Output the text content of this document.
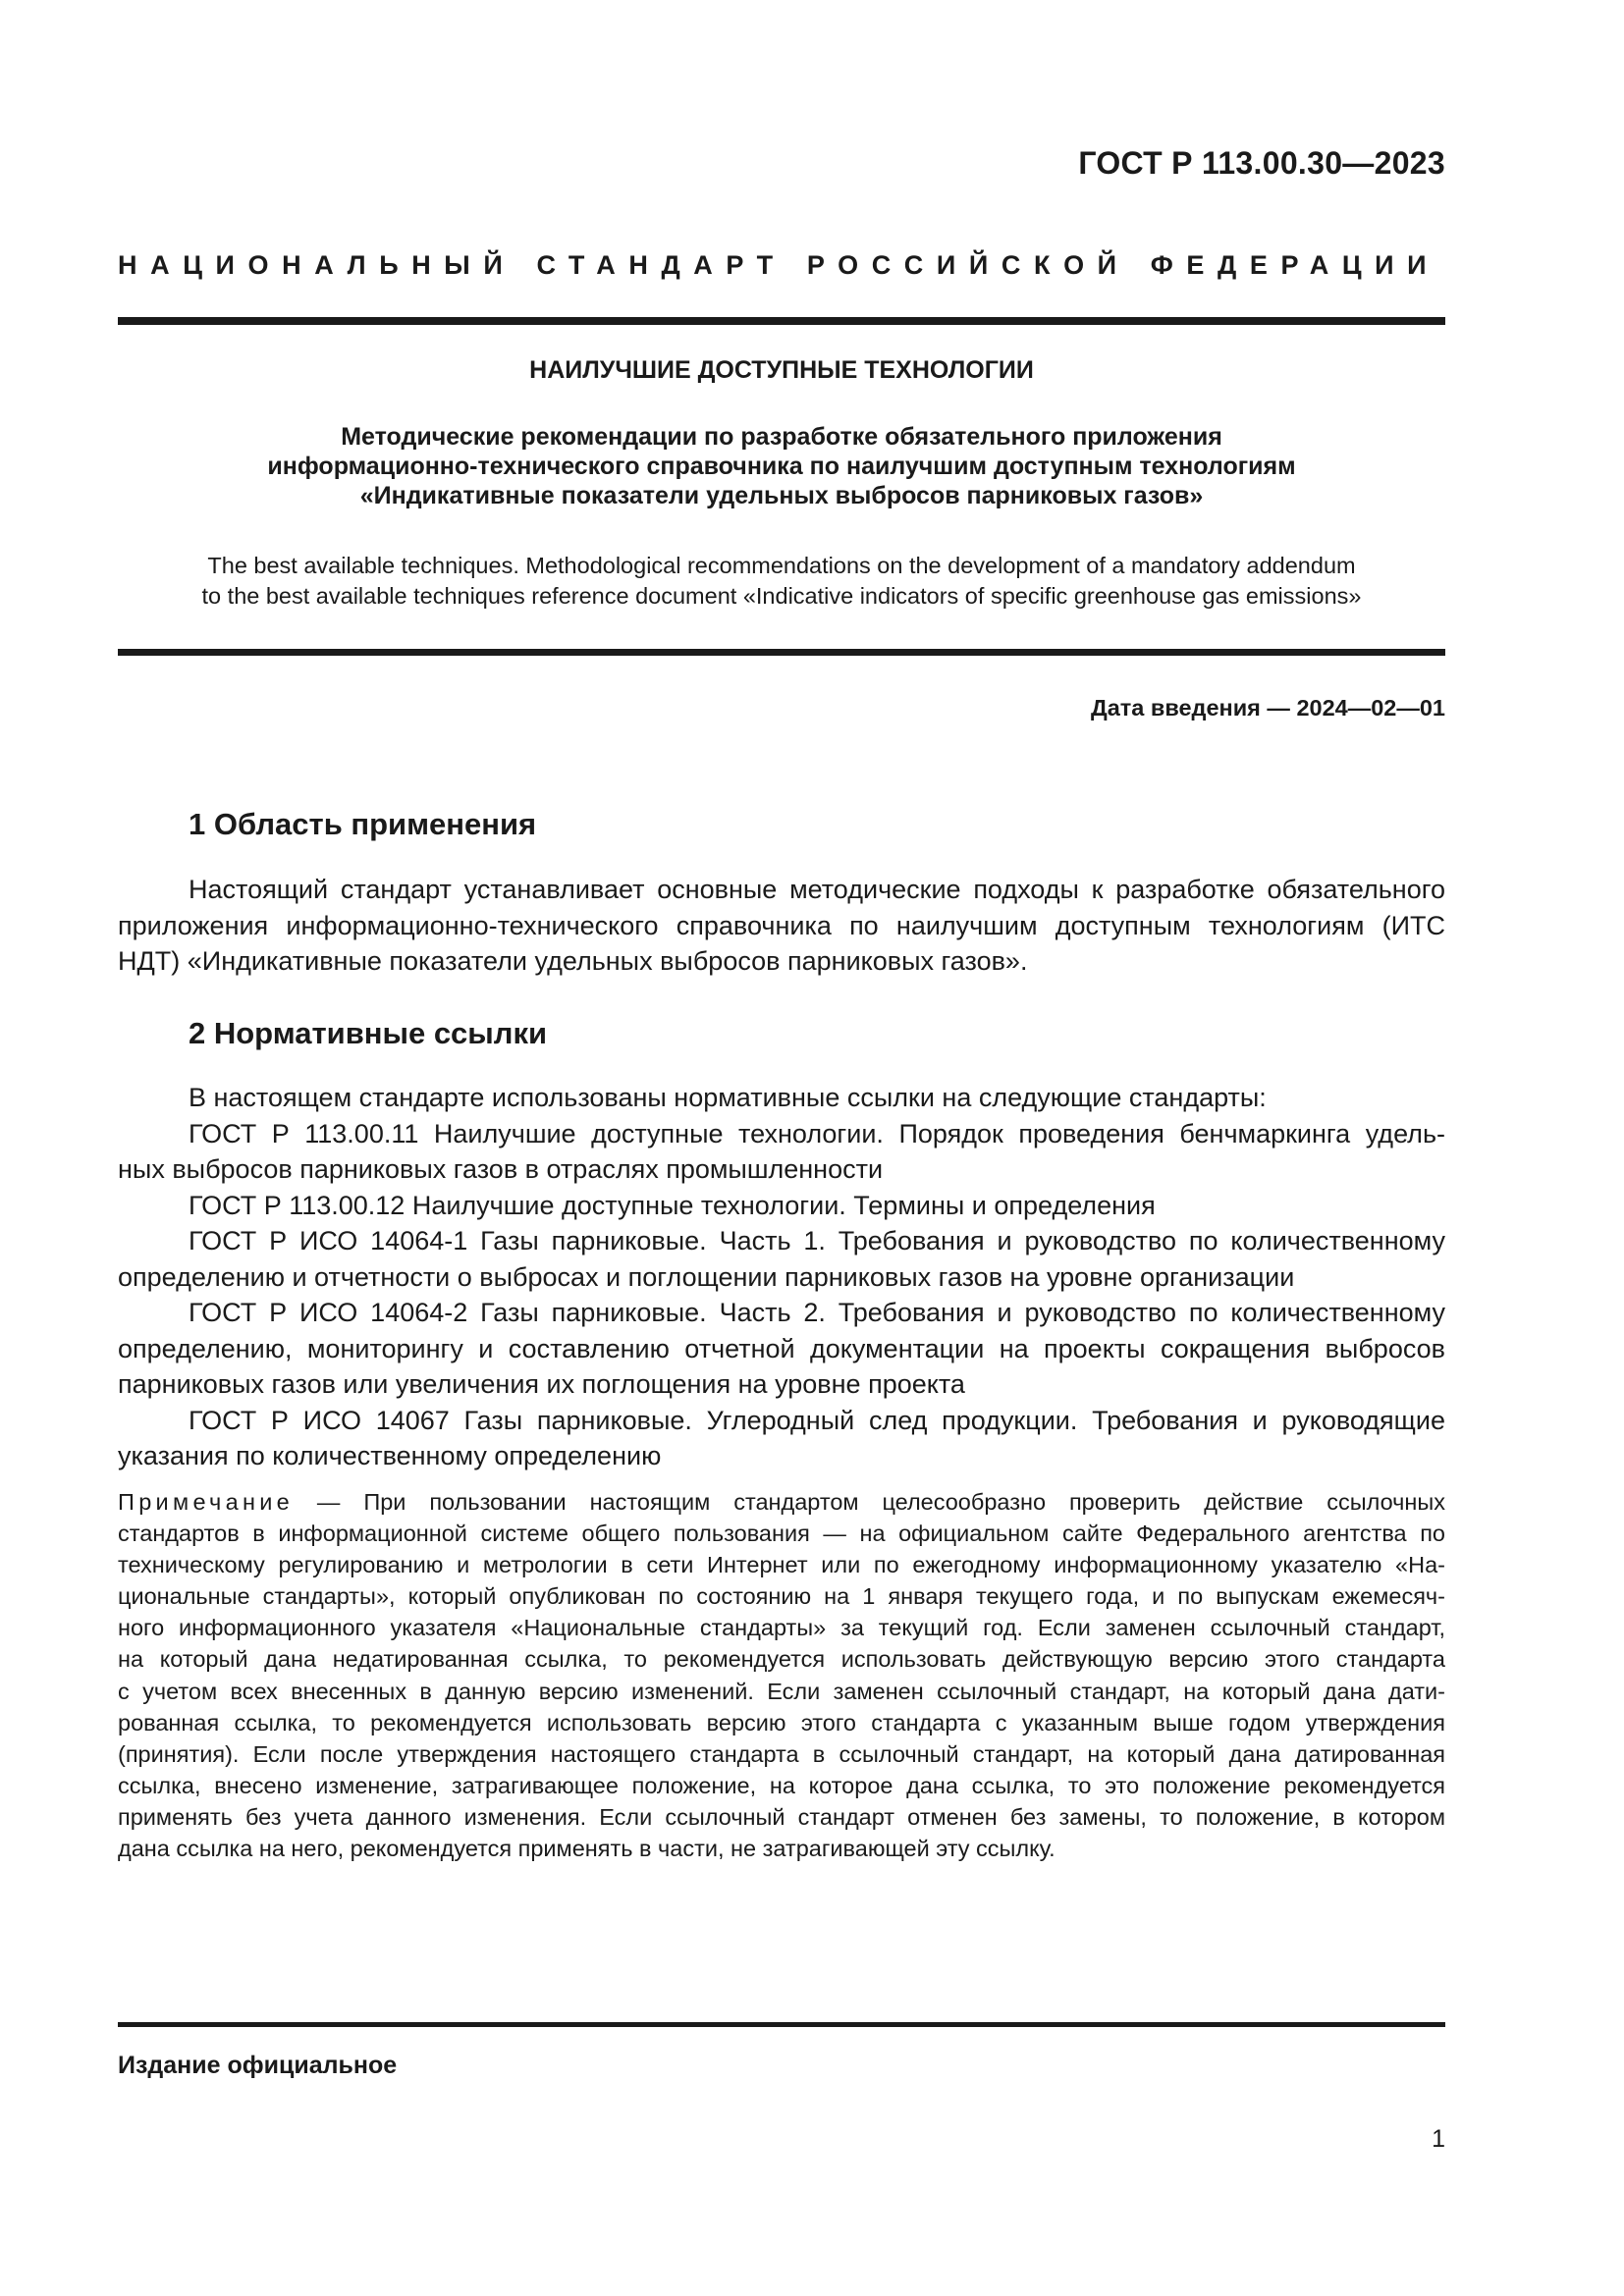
ГОСТ Р 113.00.30—2023
НАЦИОНАЛЬНЫЙ СТАНДАРТ РОССИЙСКОЙ ФЕДЕРАЦИИ
НАИЛУЧШИЕ ДОСТУПНЫЕ ТЕХНОЛОГИИ
Методические рекомендации по разработке обязательного приложения
информационно-технического справочника по наилучшим доступным технологиям
«Индикативные показатели удельных выбросов парниковых газов»
The best available techniques. Methodological recommendations on the development of a mandatory addendum
to the best available techniques reference document «Indicative indicators of specific greenhouse gas emissions»
Дата введения — 2024—02—01
1 Область применения
Настоящий стандарт устанавливает основные методические подходы к разработке обязательного
приложения информационно-технического справочника по наилучшим доступным технологиям (ИТС
НДТ) «Индикативные показатели удельных выбросов парниковых газов».
2 Нормативные ссылки
В настоящем стандарте использованы нормативные ссылки на следующие стандарты:
ГОСТ Р 113.00.11 Наилучшие доступные технологии. Порядок проведения бенчмаркинга удель-
ных выбросов парниковых газов в отраслях промышленности
ГОСТ Р 113.00.12 Наилучшие доступные технологии. Термины и определения
ГОСТ Р ИСО 14064-1 Газы парниковые. Часть 1. Требования и руководство по количественному
определению и отчетности о выбросах и поглощении парниковых газов на уровне организации
ГОСТ Р ИСО 14064-2 Газы парниковые. Часть 2. Требования и руководство по количественному
определению, мониторингу и составлению отчетной документации на проекты сокращения выбросов
парниковых газов или увеличения их поглощения на уровне проекта
ГОСТ Р ИСО 14067 Газы парниковые. Углеродный след продукции. Требования и руководящие
указания по количественному определению
Примечание — При пользовании настоящим стандартом целесообразно проверить действие ссылочных
стандартов в информационной системе общего пользования — на официальном сайте Федерального агентства по
техническому регулированию и метрологии в сети Интернет или по ежегодному информационному указателю «На-
циональные стандарты», который опубликован по состоянию на 1 января текущего года, и по выпускам ежемесяч-
ного информационного указателя «Национальные стандарты» за текущий год. Если заменен ссылочный стандарт,
на который дана недатированная ссылка, то рекомендуется использовать действующую версию этого стандарта
с учетом всех внесенных в данную версию изменений. Если заменен ссылочный стандарт, на который дана дати-
рованная ссылка, то рекомендуется использовать версию этого стандарта с указанным выше годом утверждения
(принятия). Если после утверждения настоящего стандарта в ссылочный стандарт, на который дана датированная
ссылка, внесено изменение, затрагивающее положение, на которое дана ссылка, то это положение рекомендуется
применять без учета данного изменения. Если ссылочный стандарт отменен без замены, то положение, в котором
дана ссылка на него, рекомендуется применять в части, не затрагивающей эту ссылку.
Издание официальное
1
